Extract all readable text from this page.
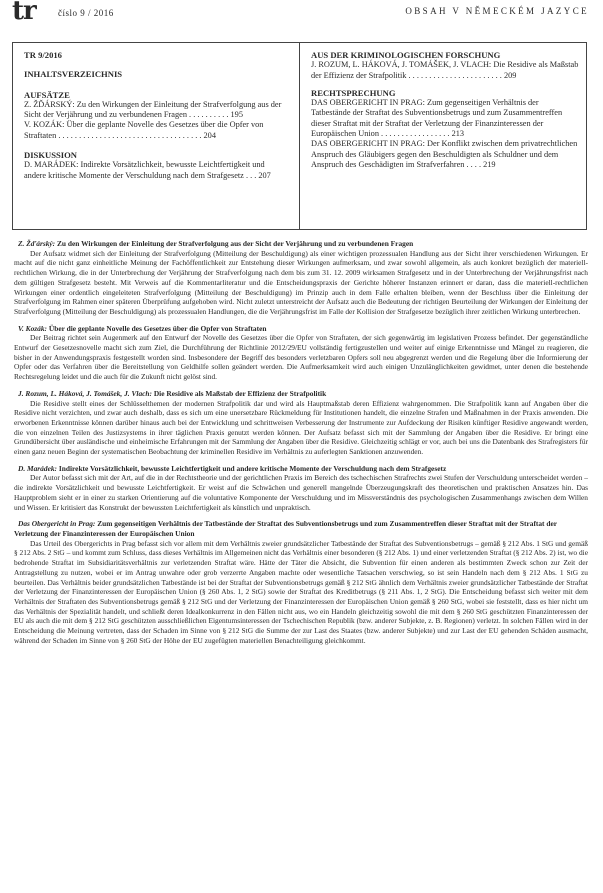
tr číslo 9 / 2016	OBSAH V NĚMECKÉM JAZYCE
TR 9/2016
INHALTSVERZEICHNIS
AUFSÄTZE
Z. ŽĎÁRSKÝ: Zu den Wirkungen der Einleitung der Strafverfolgung aus der Sicht der Verjährung und zu verbundenen Fragen . . . . . . . . . . 195
V. KOZÁK: Über die geplante Novelle des Gesetzes über die Opfer von Straftaten . . . . . . . . . . . . . . . . . . . . . . . . . . . . . . . . . . . 204
DISKUSSION
D. MARÁDEK: Indirekte Vorsätzlichkeit, bewusste Leichtfertigkeit und andere kritische Momente der Verschuldung nach dem Strafgesetz . . . 207
AUS DER KRIMINOLOGISCHEN FORSCHUNG
J. ROZUM, L. HÁKOVÁ, J. TOMÁŠEK, J. VLACH: Die Residive als Maßstab der Effizienz der Strafpolitik . . . . . . . . . . . . . . . . . . . . . . . 209
RECHTSPRECHUNG
DAS OBERGERICHT IN PRAG: Zum gegenseitigen Verhältnis der Tatbestände der Straftat des Subventionsbetrugs und zum Zusammentreffen dieser Straftat mit der Straftat der Verletzung der Finanzinteressen der Europäischen Union . . . . . . . . . . . . . . . . . 213
DAS OBERGERICHT IN PRAG: Der Konflikt zwischen dem privatrechtlichen Anspruch des Gläubigers gegen den Beschuldigten als Schuldner und dem Anspruch des Geschädigten im Strafverfahren . . . . 219

Z. Žďárský: Zu den Wirkungen der Einleitung der Strafverfolgung aus der Sicht der Verjährung und zu verbundenen Fragen

Der Aufsatz widmet sich der Einleitung der Strafverfolgung (Mitteilung der Beschuldigung) als einer wichtigen prozessualen Handlung aus der Sicht ihrer verschiedenen Wirkungen. Er macht auf die nicht ganz einheitliche Meinung der Fachöffentlichkeit zur Entstehung dieser Wirkungen aufmerksam, und zwar sowohl allgemein, als auch konkret bezüglich der materiell-rechtlichen Wirkung, die in der Unterbrechung der Verjährung der Strafverfolgung nach dem bis zum 31. 12. 2009 wirksamen Strafgesetz und in der Unterbrechung der Verjährungsfrist nach dem gültigen Strafgesetz besteht. Mit Verweis auf die Kommentarliteratur und die Entscheidungspraxis der Gerichte höherer Instanzen erinnert er daran, dass die materiell-rechtlichen Wirkungen einer ordentlich eingeleiteten Strafverfolgung (Mitteilung der Beschuldigung) im Prinzip auch in dem Falle erhalten bleiben, wenn der Beschluss über die Einleitung der Strafverfolgung im Rahmen einer späteren Überprüfung aufgehoben wird. Nicht zuletzt unterstreicht der Aufsatz auch die Bedeutung der richtigen Beurteilung der Wirkungen der Einleitung der Strafverfolgung (Mitteilung der Beschuldigung) als prozessualen Handlungen, die die Verjährungsfrist im Falle der Kollision der Strafgesetze bezüglich ihrer zeitlichen Wirkung unterbrechen.

V. Kozák: Über die geplante Novelle des Gesetzes über die Opfer von Straftaten

Der Beitrag richtet sein Augenmerk auf den Entwurf der Novelle des Gesetzes über die Opfer von Straftaten, der sich gegenwärtig im legislativen Prozess befindet. Der gegenständliche Entwurf der Gesetzesnovelle macht sich zum Ziel, die Durchführung der Richtlinie 2012/29/EU vollständig fertigzustellen und weiter auf einige Erkenntnisse und Mängel zu reagieren, die bisher in der Anwendungspraxis festgestellt worden sind. Insbesondere der Begriff des besonders verletzbaren Opfers soll neu abgegrenzt werden und die Regelung über die Informierung der Opfer oder das Verfahren über die Bereitstellung von Geldhilfe sollen geändert werden. Die Aufmerksamkeit wird auch einigen Unzulänglichkeiten gewidmet, unter denen die bestehende Rechtsregelung leidet und die auch für die Zukunft nicht gelöst sind.

J. Rozum, L. Háková, J. Tomášek, J. Vlach: Die Residive als Maßstab der Effizienz der Strafpolitik

Die Residive stellt eines der Schlüsselthemen der modernen Strafpolitik dar und wird als Hauptmaßstab deren Effizienz wahrgenommen. Die Strafpolitik kann auf Angaben über die Residive nicht verzichten, und zwar auch deshalb, dass es sich um eine unersetzbare Rückmeldung für Institutionen handelt, die einzelne Strafen und Maßnahmen in der Praxis anwenden. Die erworbenen Erkenntnisse können darüber hinaus auch bei der Entwicklung und schrittweisen Verbesserung der Instrumente zur Aufdeckung der Risiken künftiger Residive angewandt werden, die von einzelnen Teilen des Justizsystems in ihrer täglichen Praxis genutzt werden können. Der Aufsatz befasst sich mit der Sammlung der Angaben über die Residive. Er bringt eine Grundübersicht über ausländische und einheimische Erfahrungen mit der Sammlung der Angaben über die Residive. Gleichzeitig schlägt er vor, auch bei uns die Datenbank des Strafregisters für einen ganz neuen Beginn der systematischen Beobachtung der kriminellen Residive im Verhältnis zu auferlegten Sanktionen anzuwenden.

D. Marádek: Indirekte Vorsätzlichkeit, bewusste Leichtfertigkeit und andere kritische Momente der Verschuldung nach dem Strafgesetz

Der Autor befasst sich mit der Art, auf die in der Rechtstheorie und der gerichtlichen Praxis im Bereich des tschechischen Strafrechts zwei Stufen der Verschuldung unterscheidet werden – die indirekte Vorsätzlichkeit und bewusste Leichtfertigkeit. Er weist auf die Schwächen und generell mangelnde Überzeugungskraft des theoretischen und praktischen Ansatzes hin. Das Hauptproblem sieht er in einer zu starken Orientierung auf die voluntative Komponente der Verschuldung und im Missverständnis des psychologischen Zusammenhangs zwischen dem Willen und Wissen. Er kritisiert das Konstrukt der bewussten Leichtfertigkeit als künstlich und unpraktisch.

Das Obergericht in Prag: Zum gegenseitigen Verhältnis der Tatbestände der Straftat des Subventionsbetrugs und zum Zusammentreffen dieser Straftat mit der Straftat der Verletzung der Finanzinteressen der Europäischen Union

Das Urteil des Obergerichts in Prag befasst sich vor allem mit dem Verhältnis zweier grundsätzlicher Tatbestände der Straftat des Subventionsbetrugs – gemäß § 212 Abs. 1 StG und gemäß § 212 Abs. 2 StG – und kommt zum Schluss, dass dieses Verhältnis im Allgemeinen nicht das Verhältnis einer besonderen (§ 212 Abs. 1) und einer verletzenden Straftat (§ 212 Abs. 2) ist, wo die bedrohende Straftat im Subsidiaritätsverhältnis zur verletzenden Straftat wäre. Hätte der Täter die Absicht, die Subvention für einen anderen als bestimmten Zweck schon zur Zeit der Antragstellung zu nutzen, wobei er im Antrag unwahre oder grob verzerrte Angaben machte oder wesentliche Tatsachen verschwieg, so ist sein Handeln nach dem § 212 Abs. 1 StG zu beurteilen. Das Verhältnis beider grundsätzlichen Tatbestände ist bei der Straftat der Subventionsbetrugs gemäß § 212 StG ähnlich dem Verhältnis zweier grundsätzlicher Tatbestände der Straftat der Verletzung der Finanzinteressen der Europäischen Union (§ 260 Abs. 1, 2 StG) sowie der Straftat des Kreditbetrugs (§ 211 Abs. 1, 2 StG). Die Entscheidung befasst sich weiter mit dem Verhältnis der Straftaten des Subventionsbetrugs gemäß § 212 StG und der Verletzung der Finanzinteressen der Europäischen Union gemäß § 260 StG, wobei sie feststellt, dass es hier nicht um das Verhältnis der Spezialität handelt, und schließt deren Idealkonkurrenz in den Fällen nicht aus, wo ein Handeln gleichzeitig sowohl die mit dem § 260 StG geschützten Finanzinteressen der EU als auch die mit dem § 212 StG geschützten ausschließlichen Eigentumsinteressen der Tschechischen Republik (bzw. anderer Subjekte, z. B. Regionen) verletzt. In solchen Fällen wird in der Entscheidung die Meinung vertreten, dass der Schaden im Sinne von § 212 StG die Summe der zur Last des Staates (bzw. anderer Subjekte) und zur Last der EU gehenden Schäden ausmacht, während der Schaden im Sinne von § 260 StG der Höhe der EU zugefügten materiellen Benachteiligung gleichkommt.
